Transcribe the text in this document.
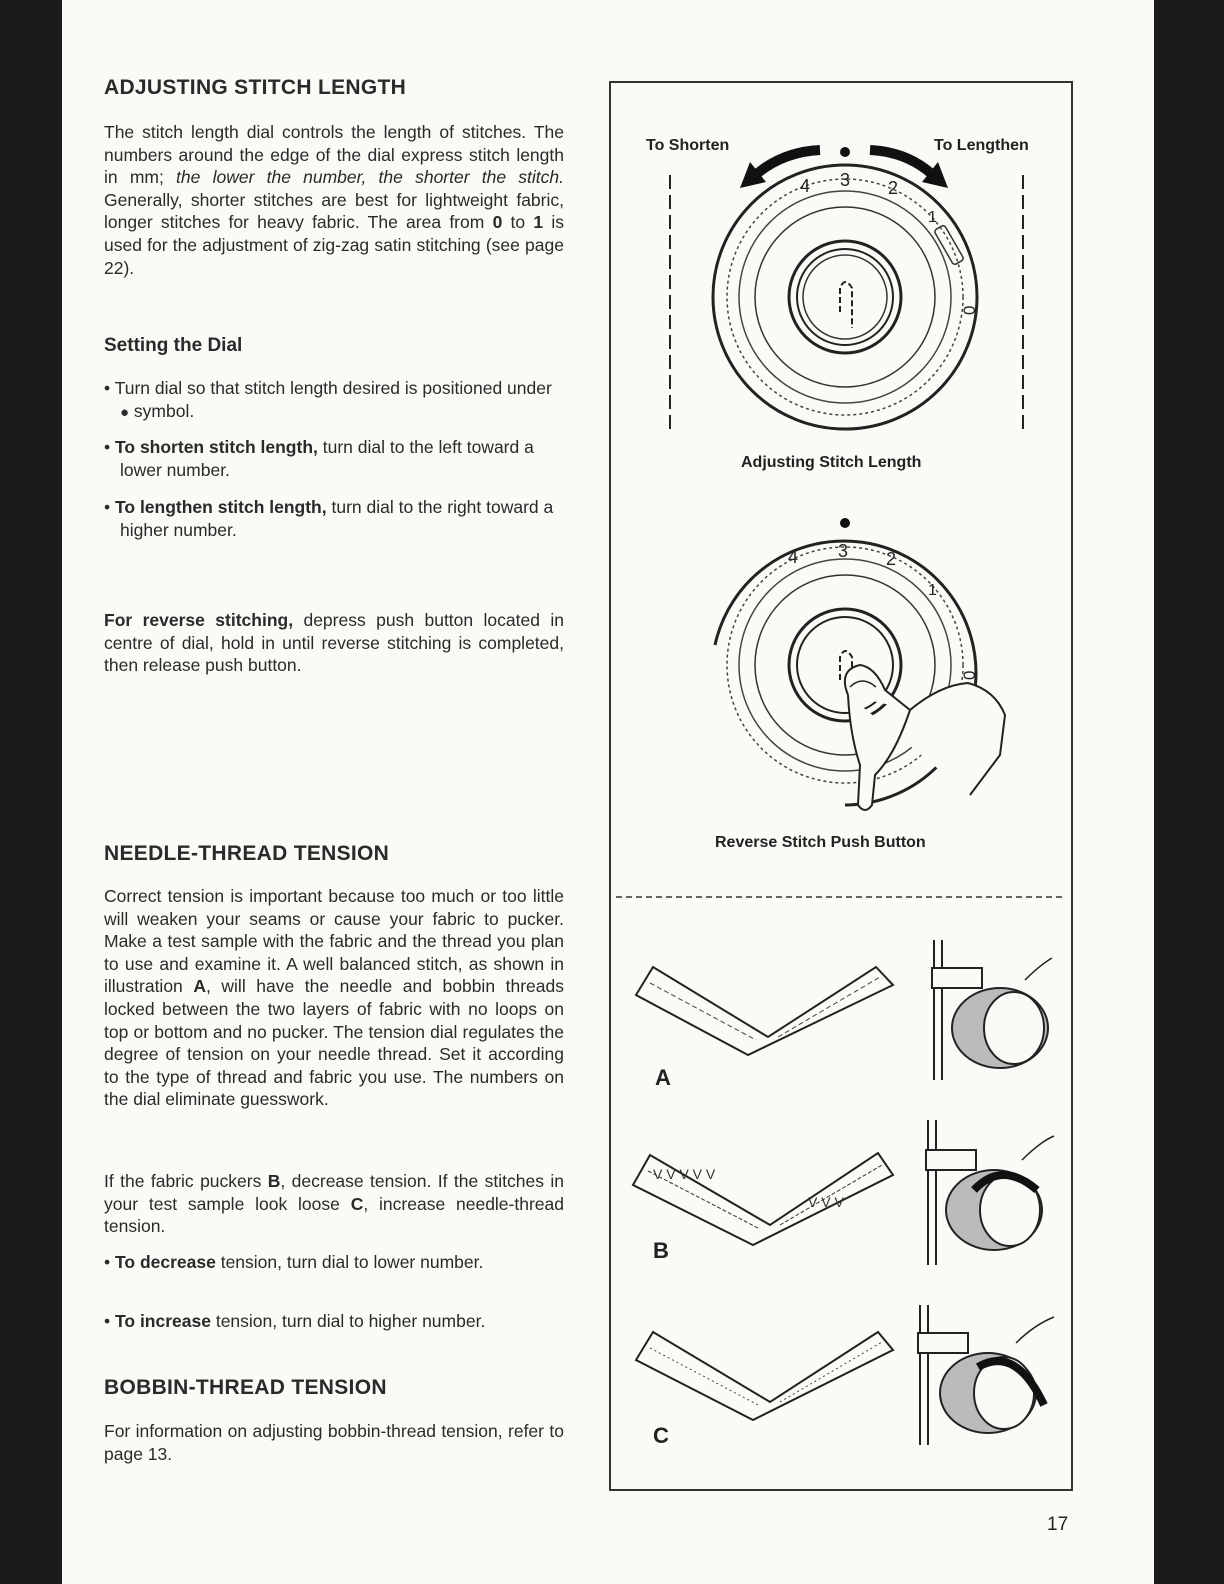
ADJUSTING STITCH LENGTH

The stitch length dial controls the length of stitches. The numbers around the edge of the dial express stitch length in mm; the lower the number, the shorter the stitch. Generally, shorter stitches are best for lightweight fabric, longer stitches for heavy fabric. The area from 0 to 1 is used for the adjustment of zig-zag satin stitching (see page 22).

Setting the Dial
• Turn dial so that stitch length desired is positioned under ● symbol.
• To shorten stitch length, turn dial to the left toward a lower number.
• To lengthen stitch length, turn dial to the right toward a higher number.

For reverse stitching, depress push button located in centre of dial, hold in until reverse stitching is completed, then release push button.

NEEDLE-THREAD TENSION

Correct tension is important because too much or too little will weaken your seams or cause your fabric to pucker. Make a test sample with the fabric and the thread you plan to use and examine it. A well balanced stitch, as shown in illustration A, will have the needle and bobbin threads locked between the two layers of fabric with no loops on top or bottom and no pucker. The tension dial regulates the degree of tension on your needle thread. Set it according to the type of thread and fabric you use. The numbers on the dial eliminate guesswork.

If the fabric puckers B, decrease tension. If the stitches in your test sample look loose C, increase needle-thread tension.

• To decrease tension, turn dial to lower number.
• To increase tension, turn dial to higher number.
BOBBIN-THREAD TENSION

For information on adjusting bobbin-thread tension, refer to page 13.

To Shorten	To Lengthen
4 3 2
1
0
Adjusting Stitch Length
4 3 2
1
0
Reverse Stitch Push Button
A
V V V V V
V V V
B
C
17
